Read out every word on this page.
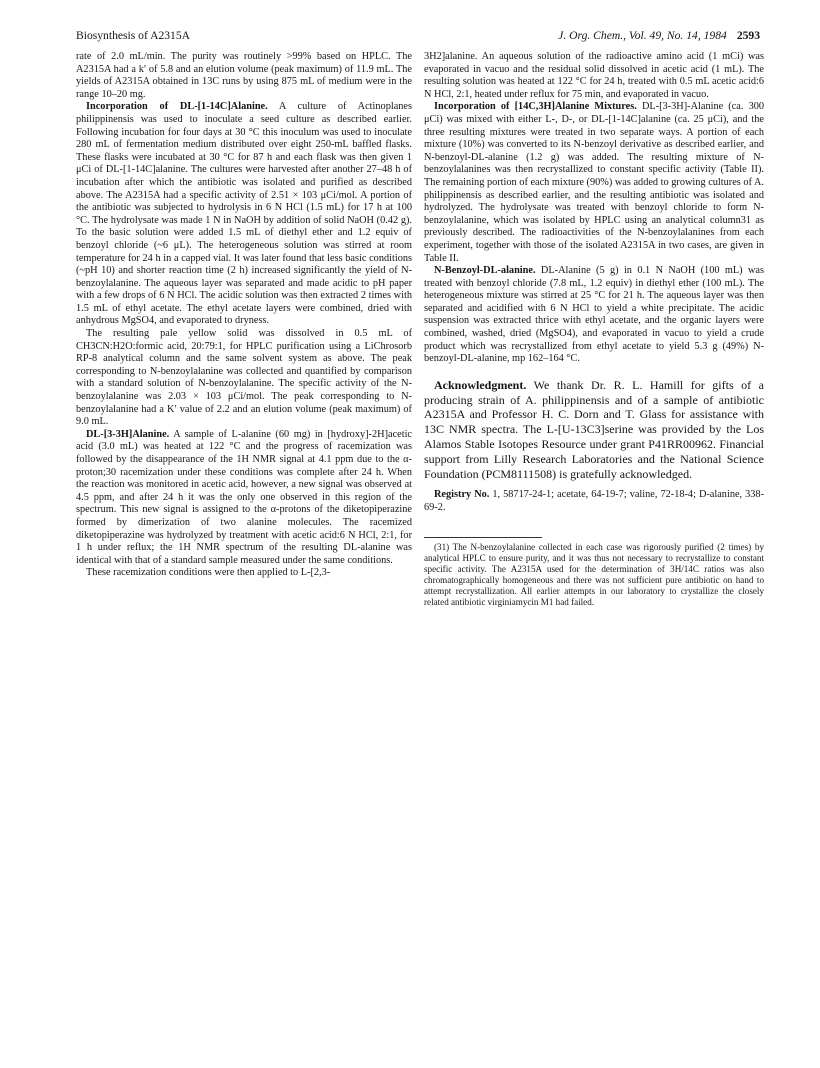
Biosynthesis of A2315A	J. Org. Chem., Vol. 49, No. 14, 1984 2593

rate of 2.0 mL/min. The purity was routinely >99% based on HPLC. The A2315A had a k′ of 5.8 and an elution volume (peak maximum) of 11.9 mL. The yields of A2315A obtained in 13C runs by using 875 mL of medium were in the range 10–20 mg.

Incorporation of DL-[1-14C]Alanine. A culture of Actinoplanes philippinensis was used to inoculate a seed culture as described earlier. Following incubation for four days at 30 °C this inoculum was used to inoculate 280 mL of fermentation medium distributed over eight 250-mL baffled flasks. These flasks were incubated at 30 °C for 87 h and each flask was then given 1 μCi of DL-[1-14C]alanine. The cultures were harvested after another 27–48 h of incubation after which the antibiotic was isolated and purified as described above. The A2315A had a specific activity of 2.51 × 103 μCi/mol. A portion of the antibiotic was subjected to hydrolysis in 6 N HCl (1.5 mL) for 17 h at 100 °C. The hydrolysate was made 1 N in NaOH by addition of solid NaOH (0.42 g). To the basic solution were added 1.5 mL of diethyl ether and 1.2 equiv of benzoyl chloride (~6 μL). The heterogeneous solution was stirred at room temperature for 24 h in a capped vial. It was later found that less basic conditions (~pH 10) and shorter reaction time (2 h) increased significantly the yield of N-benzoylalanine. The aqueous layer was separated and made acidic to pH paper with a few drops of 6 N HCl. The acidic solution was then extracted 2 times with 1.5 mL of ethyl acetate. The ethyl acetate layers were combined, dried with anhydrous MgSO4, and evaporated to dryness.

The resulting pale yellow solid was dissolved in 0.5 mL of CH3CN:H2O:formic acid, 20:79:1, for HPLC purification using a LiChrosorb RP-8 analytical column and the same solvent system as above. The peak corresponding to N-benzoylalanine was collected and quantified by comparison with a standard solution of N-benzoylalanine. The specific activity of the N-benzoylalanine was 2.03 × 103 μCi/mol. The peak corresponding to N-benzoylalanine had a K′ value of 2.2 and an elution volume (peak maximum) of 9.0 mL.

DL-[3-3H]Alanine. A sample of L-alanine (60 mg) in [hydroxy]-2H]acetic acid (3.0 mL) was heated at 122 °C and the progress of racemization was followed by the disappearance of the 1H NMR signal at 4.1 ppm due to the α-proton;30 racemization under these conditions was complete after 24 h. When the reaction was monitored in acetic acid, however, a new signal was observed at 4.5 ppm, and after 24 h it was the only one observed in this region of the spectrum. This new signal is assigned to the α-protons of the diketopiperazine formed by dimerization of two alanine molecules. The racemized diketopiperazine was hydrolyzed by treatment with acetic acid:6 N HCl, 2:1, for 1 h under reflux; the 1H NMR spectrum of the resulting DL-alanine was identical with that of a standard sample measured under the same conditions.

These racemization conditions were then applied to L-[2,3-

3H2]alanine. An aqueous solution of the radioactive amino acid (1 mCi) was evaporated in vacuo and the residual solid dissolved in acetic acid (1 mL). The resulting solution was heated at 122 °C for 24 h, treated with 0.5 mL acetic acid:6 N HCl, 2:1, heated under reflux for 75 min, and evaporated in vacuo.

Incorporation of [14C,3H]Alanine Mixtures. DL-[3-3H]-Alanine (ca. 300 μCi) was mixed with either L-, D-, or DL-[1-14C]alanine (ca. 25 μCi), and the three resulting mixtures were treated in two separate ways. A portion of each mixture (10%) was converted to its N-benzoyl derivative as described earlier, and N-benzoyl-DL-alanine (1.2 g) was added. The resulting mixture of N-benzoylalanines was then recrystallized to constant specific activity (Table II). The remaining portion of each mixture (90%) was added to growing cultures of A. philippinensis as described earlier, and the resulting antibiotic was isolated and hydrolyzed. The hydrolysate was treated with benzoyl chloride to form N-benzoylalanine, which was isolated by HPLC using an analytical column31 as previously described. The radioactivities of the N-benzoylalanines from each experiment, together with those of the isolated A2315A in two cases, are given in Table II.

N-Benzoyl-DL-alanine. DL-Alanine (5 g) in 0.1 N NaOH (100 mL) was treated with benzoyl chloride (7.8 mL, 1.2 equiv) in diethyl ether (100 mL). The heterogeneous mixture was stirred at 25 °C for 21 h. The aqueous layer was then separated and acidified with 6 N HCl to yield a white precipitate. The acidic suspension was extracted thrice with ethyl acetate, and the organic layers were combined, washed, dried (MgSO4), and evaporated in vacuo to yield a crude product which was recrystallized from ethyl acetate to yield 5.3 g (49%) N-benzoyl-DL-alanine, mp 162–164 °C.

Acknowledgment. We thank Dr. R. L. Hamill for gifts of a producing strain of A. philippinensis and of a sample of antibiotic A2315A and Professor H. C. Dorn and T. Glass for assistance with 13C NMR spectra. The L-[U-13C3]serine was provided by the Los Alamos Stable Isotopes Resource under grant P41RR00962. Financial support from Lilly Research Laboratories and the National Science Foundation (PCM8111508) is gratefully acknowledged.

Registry No. 1, 58717-24-1; acetate, 64-19-7; valine, 72-18-4; D-alanine, 338-69-2.

(31) The N-benzoylalanine collected in each case was rigorously purified (2 times) by analytical HPLC to ensure purity, and it was thus not necessary to recrystallize to constant specific activity. The A2315A used for the determination of 3H/14C ratios was also chromatographically homogeneous and there was not sufficient pure antibiotic on hand to attempt recrystallization. All earlier attempts in our laboratory to crystallize the closely related antibiotic virginiamycin M1 had failed.
